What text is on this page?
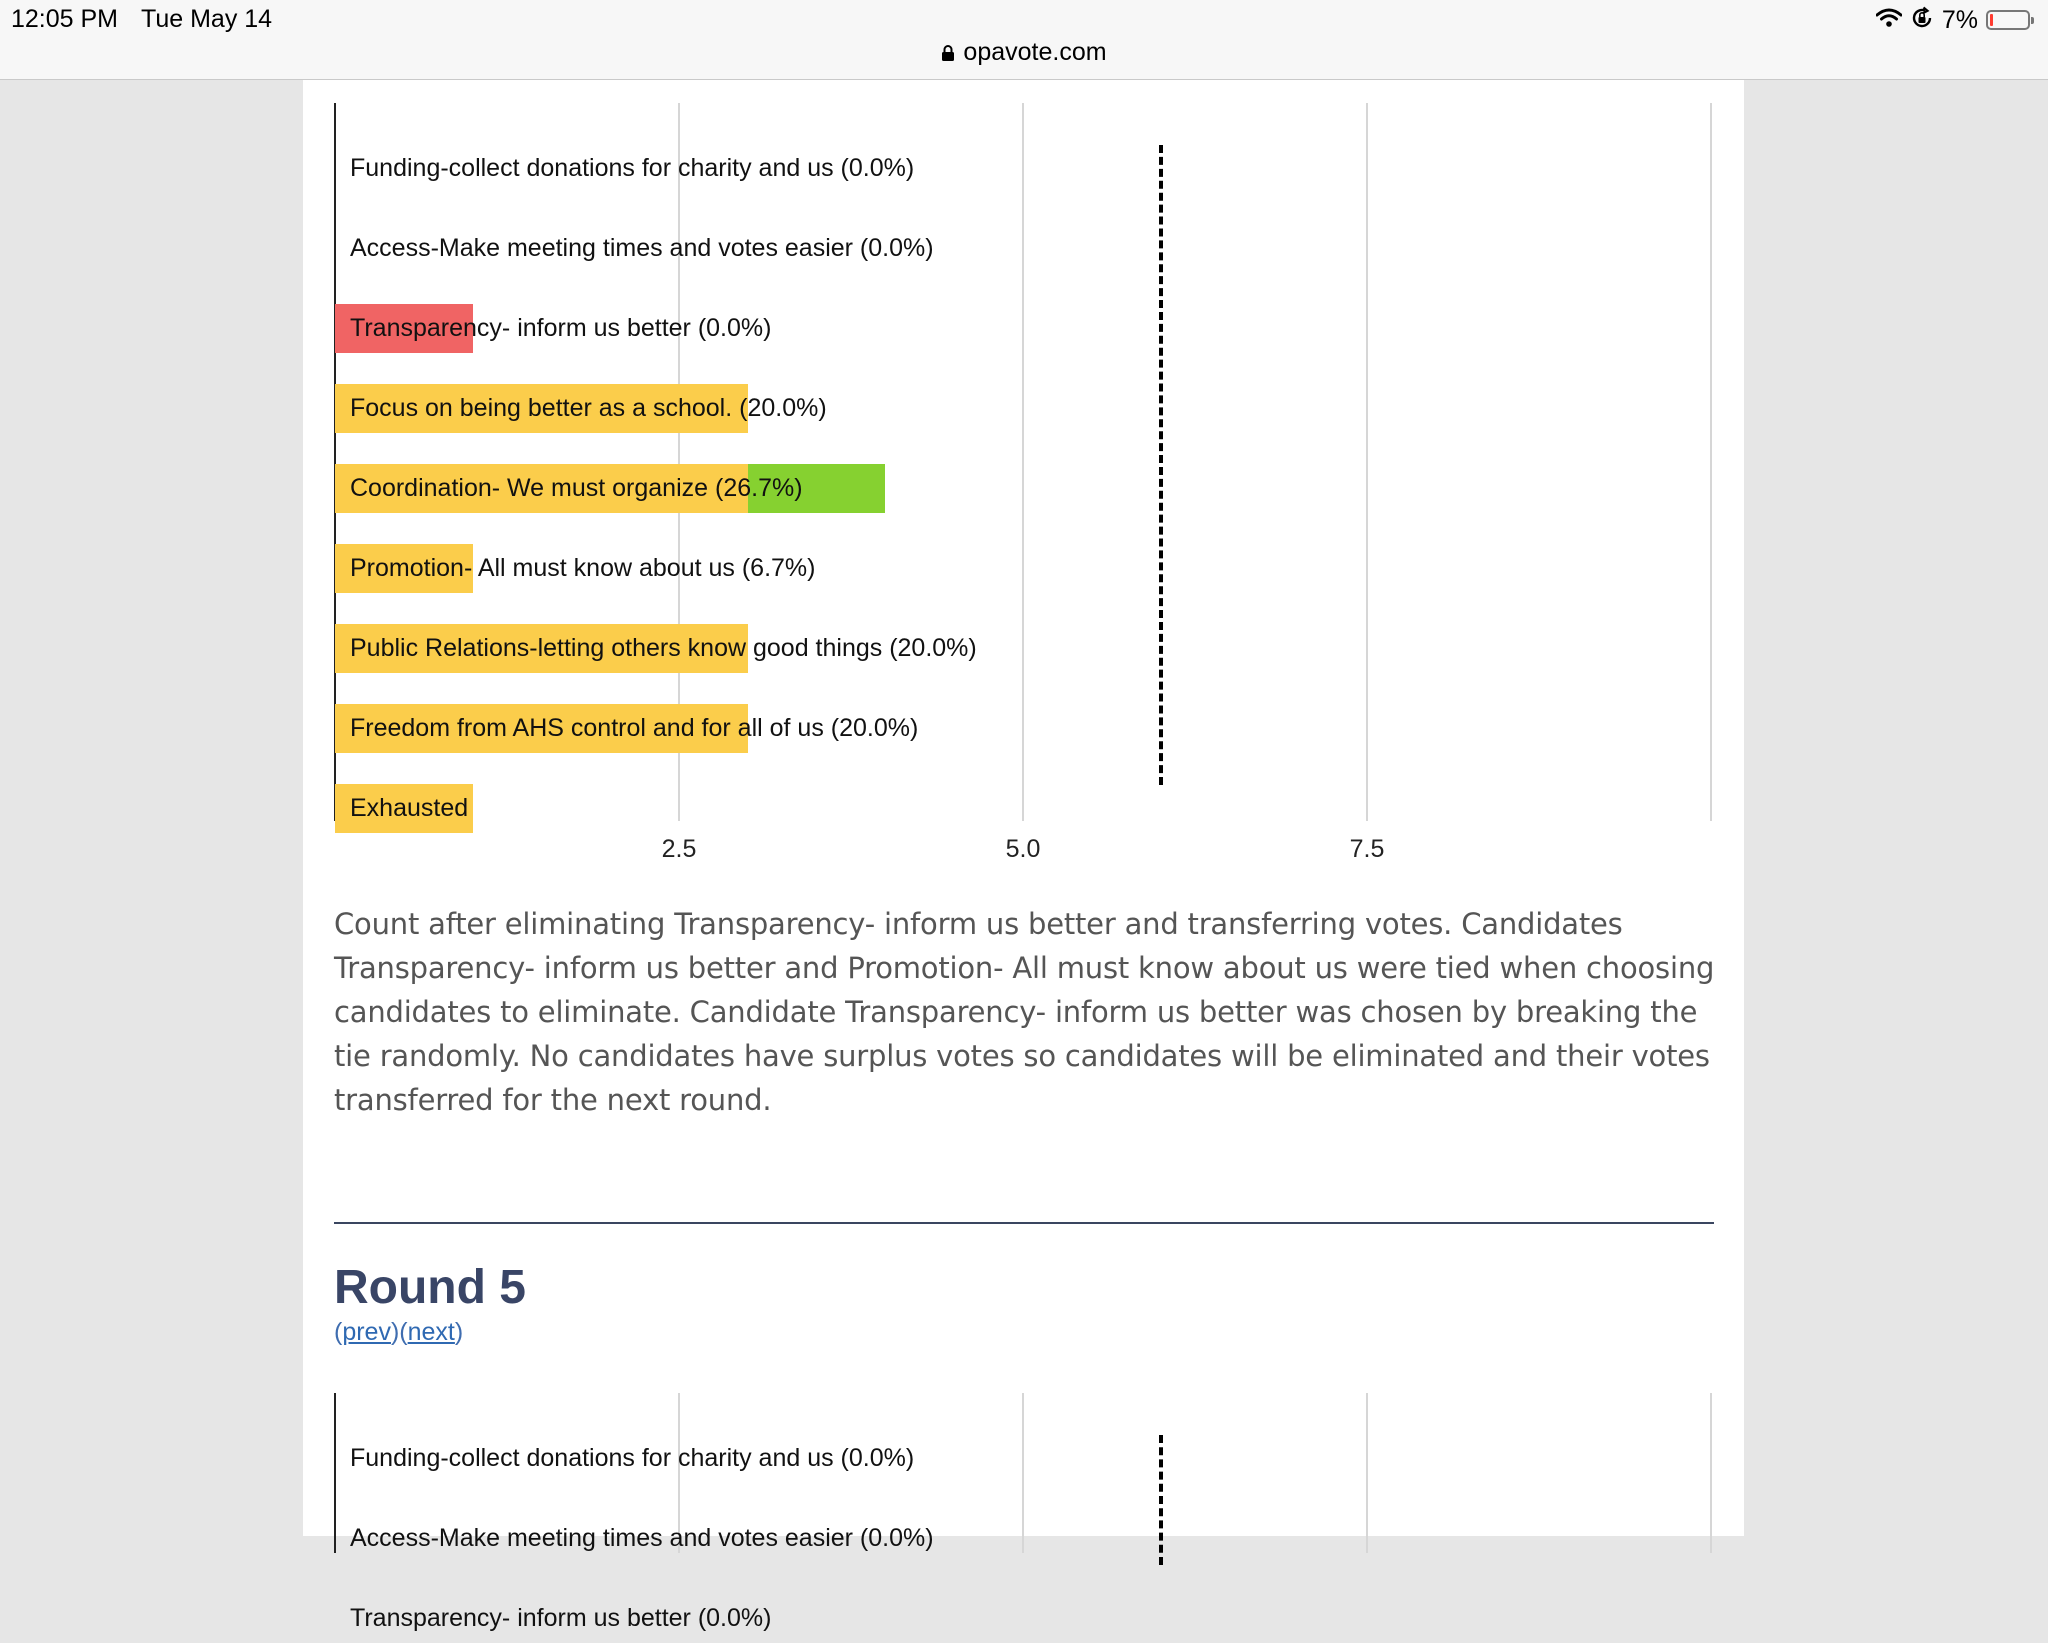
12:05 PM Tue May 14	7%
opavote.com
Funding-collect donations for charity and us (0.0%)
Access-Make meeting times and votes easier (0.0%)
Transparency- inform us better (0.0%)
Focus on being better as a school. (20.0%)
Coordination- We must organize (26.7%)
Promotion- All must know about us (6.7%)
Public Relations-letting others know good things (20.0%)
Freedom from AHS control and for all of us (20.0%)
Exhausted
2.5	5.0	7.5

Count after eliminating Transparency- inform us better and transferring votes. Candidates Transparency- inform us better and Promotion- All must know about us were tied when choosing candidates to eliminate. Candidate Transparency- inform us better was chosen by breaking the tie randomly. No candidates have surplus votes so candidates will be eliminated and their votes transferred for the next round.

Round 5
(prev)(next)
Funding-collect donations for charity and us (0.0%)
Access-Make meeting times and votes easier (0.0%)
Transparency- inform us better (0.0%)
